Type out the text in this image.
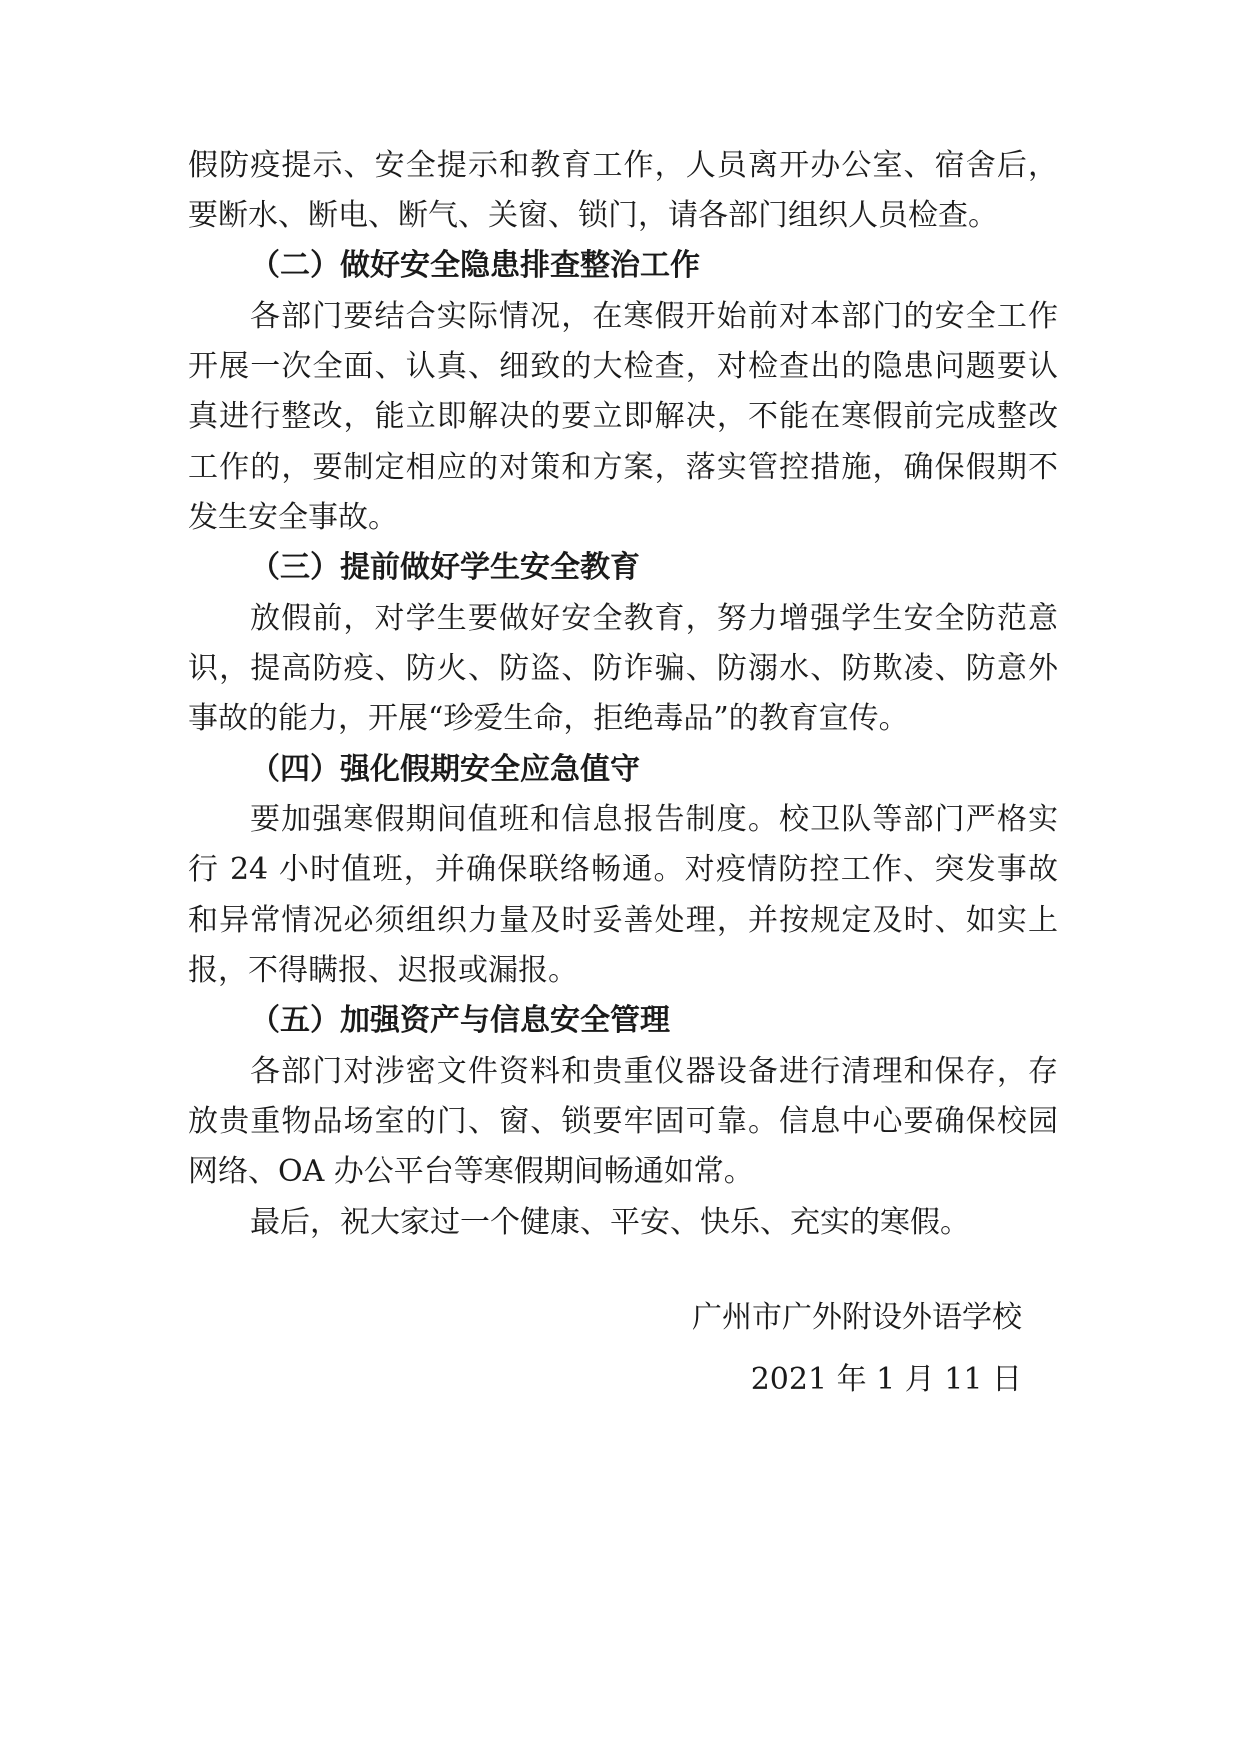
假防疫提示、安全提示和教育工作，人员离开办公室、宿舍后，
要断水、断电、断气、关窗、锁门，请各部门组织人员检查。
（二）做好安全隐患排查整治工作
各部门要结合实际情况，在寒假开始前对本部门的安全工作
开展一次全面、认真、细致的大检查，对检查出的隐患问题要认
真进行整改，能立即解决的要立即解决，不能在寒假前完成整改
工作的，要制定相应的对策和方案，落实管控措施，确保假期不
发生安全事故。
（三）提前做好学生安全教育
放假前，对学生要做好安全教育，努力增强学生安全防范意
识，提高防疫、防火、防盗、防诈骗、防溺水、防欺凌、防意外
事故的能力，开展“珍爱生命，拒绝毒品”的教育宣传。
（四）强化假期安全应急值守
要加强寒假期间值班和信息报告制度。校卫队等部门严格实
行 24 小时值班，并确保联络畅通。对疫情防控工作、突发事故
和异常情况必须组织力量及时妥善处理，并按规定及时、如实上
报，不得瞒报、迟报或漏报。
（五）加强资产与信息安全管理
各部门对涉密文件资料和贵重仪器设备进行清理和保存，存
放贵重物品场室的门、窗、锁要牢固可靠。信息中心要确保校园
网络、OA 办公平台等寒假期间畅通如常。
最后，祝大家过一个健康、平安、快乐、充实的寒假。
广州市广外附设外语学校
2021 年 1 月 11 日
